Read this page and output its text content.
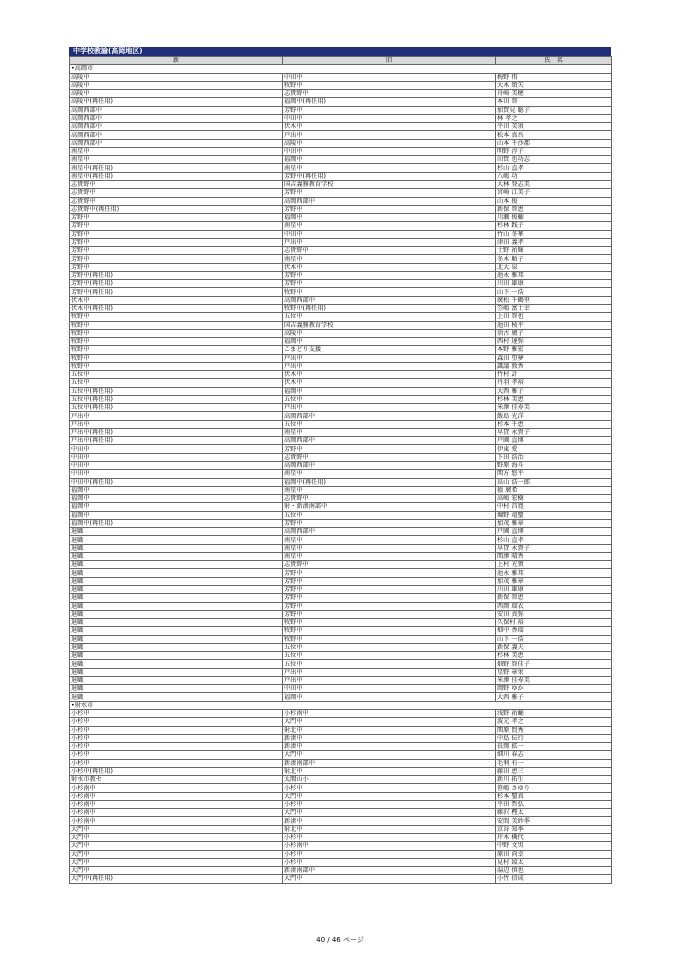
中学校教諭(高岡地区)
新	旧	氏　名
•高岡市		
高陵中	中田中	梅野 侑
高陵中	牧野中	大木 頌矢
高陵中	志貴野中	舟崎 美穂
高陵中(再任用)	福岡中(再任用)	本田 智
高岡西部中	芳野中	加賀見 聡子
高岡西部中	中田中	林 孝之
高岡西部中	伏木中	平田 美須
高岡西部中	戸出中	松本 真吾
高岡西部中	高陵中	山本 千沙都
南星中	中田中	明野 淳子
南星中	福岡中	田賀 也功志
南星中(再任用)	南星中	杉山 直孝
南星中(再任用)	芳野中(再任用)	八嶋 功
志貴野中	国吉義務教育学校	大林 登志美
志貴野中	芳野中	宮崎 江美子
志貴野中	高岡西部中	山本 俊
志貴野中(再任用)	芳野中	新保 智恵
芳野中	福岡中	川瀬 俊輔
芳野中	南星中	杉林 践子
芳野中	中田中	竹山 冬華
芳野中	戸出中	津田 義孝
芳野中	志貴野中	土野 祐輝
芳野中	南星中	冬木 順子
芳野中	伏木中	北大 泉
芳野中(再任用)	芳野中	池永 雅邦
芳野中(再任用)	芳野中	川田 雄康
芳野中(再任用)	牧野中	山下 一浩
伏木中	高岡西部中	廣松 千鶴里
伏木中(再任用)	牧野中(再任用)	笠嶋 富士幸
牧野中	五位中	上田 智也
牧野中	国吉義務教育学校	池田 稜平
牧野中	高陵中	須古 廣子
牧野中	福岡中	西村 達弥
牧野中	こまどり支援	本野 雅宏
牧野中	戸出中	森田 望夢
牧野中	戸出中	識議 敦香
五位中	伏木中	竹村 計
五位中	伏木中	丹羽 孝裕
五位中(再任用)	福岡中	大西 雅子
五位中(再任用)	五位中	杉林 美恵
五位中(再任用)	戸出中	米澤 佳寿美
戸出中	高岡西部中	飯島 光洋
戸出中	五位中	杉本 千恵
戸出中(再任用)	南星中	早貸 永貴子
戸出中(再任用)	高岡西部中	戸園 直博
中田中	芳野中	伊東 愛
中田中	志貴野中	下田 浩治
中田中	高岡西部中	野原 海斗
中田中	南星中	関方 悠平
中田中(再任用)	福岡中(再任用)	畠山 浩一郎
福岡中	南星中	猿 廣希
福岡中	志貴野中	高嶋 宏樹
福岡中	射・新湊南部中	中村 昌寛
福岡中	五位中	堀野 竜聖
福岡中(再任用)	芳野中	加茂 雅章
退職	高岡西部中	戸園 直博
退職	南星中	杉山 直孝
退職	南星中	早貸 永貴子
退職	南星中	関澤 晴香
退職	志貴野中	上村 光領
退職	芳野中	池永 雅邦
退職	芳野中	加茂 雅章
退職	芳野中	川田 雄康
退職	芳野中	新保 智恵
退職	芳野中	西岡 瑞衣
退職	芳野中	安田 真弥
退職	牧野中	久保村 裕
退職	牧野中	畑中 香瑞
退職	牧野中	山下 一浩
退職	五位中	新保 義夫
退職	五位中	杉林 美恵
退職	五位中	畑野 智佳子
退職	戸出中	星野 章栄
退職	戸出中	米澤 佳寿美
退職	中田中	岡野 ゆか
退職	福岡中	大西 雅子
•射水市		
小杉中	小杉南中	浅野 祐輔
小杉中	大門中	波元 孝之
小杉中	射北中	関原 賢秀
小杉中	新湊中	中島 伝行
小杉中	新湊中	長岡 拡一
小杉中	大門中	細川 春志
小杉中	新湊南部中	毛利 有一
小杉中(再任用)	射北中	藤田 恵三
射水市教セ	太閤山小	新川 拓生
小杉南中	小杉中	笹嶋 さゆり
小杉南中	大門中	杉本 聖真
小杉南中	小杉中	平田 哲弘
小杉南中	大門中	藤沢 樫太
小杉南中	新湊中	安間 美紗季
大門中	射北中	京谷 知季
大門中	小杉中	圷木 槻代
大門中	小杉南中	中野 文男
大門中	小杉中	原田 尚幸
大門中	小杉中	見村 綾太
大門中	新湊南部中	湯辺 慎也
大門中(再任用)	大門中	小竹 信成
40 / 46 ページ
